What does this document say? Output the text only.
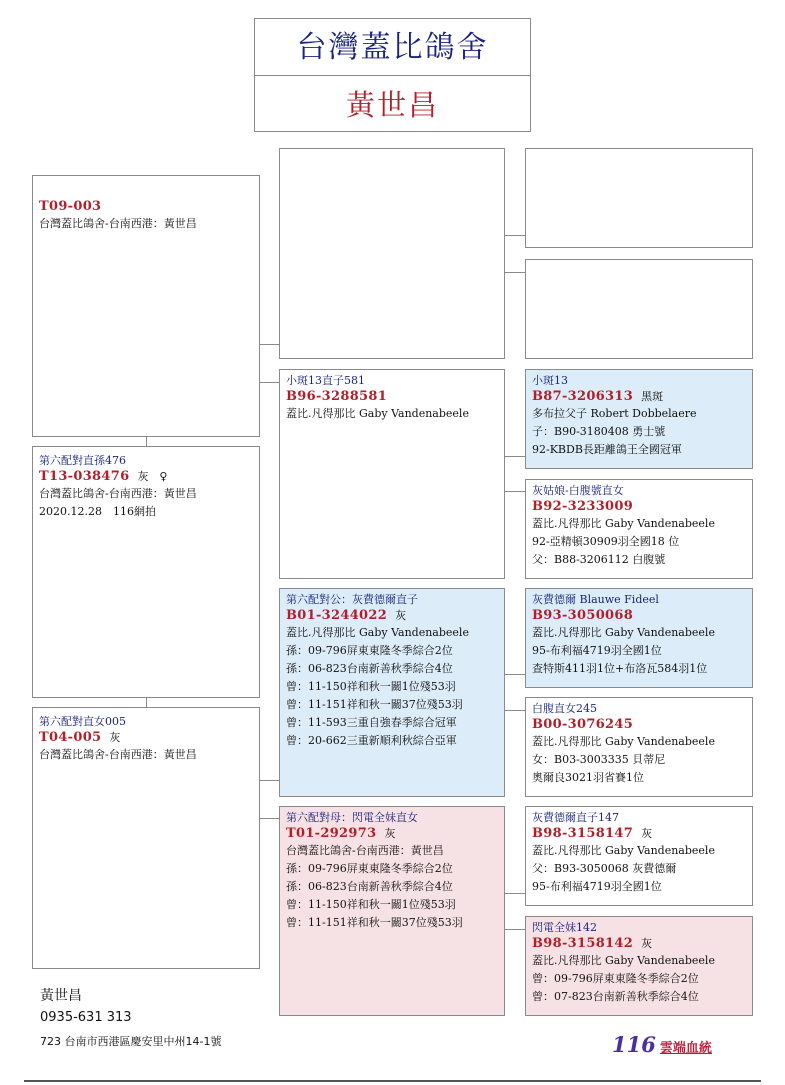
台灣蓋比鴿舍
黃世昌
T09-003
台灣蓋比鴿舍-台南西港：黃世昌
第六配對直孫476
T13-038476 灰　♀
台灣蓋比鴿舍-台南西港：黃世昌
2020.12.28　116網拍
第六配對直女005
T04-005 灰
台灣蓋比鴿舍-台南西港：黃世昌
小斑13直子581
B96-3288581
蓋比.凡得那比 Gaby Vandenabeele
第六配對公：灰費德爾直子
B01-3244022 灰
蓋比.凡得那比 Gaby Vandenabeele
孫：09-796屏東東隆冬季綜合2位
孫：06-823台南新善秋季綜合4位
曾：11-150祥和秋一關1位殘53羽
曾：11-151祥和秋一關37位殘53羽
曾：11-593三重自強春季綜合冠軍
曾：20-662三重新順利秋綜合亞軍
第六配對母：閃電全妹直女
T01-292973 灰
台灣蓋比鴿舍-台南西港：黃世昌
孫：09-796屏東東隆冬季綜合2位
孫：06-823台南新善秋季綜合4位
曾：11-150祥和秋一關1位殘53羽
曾：11-151祥和秋一關37位殘53羽
小斑13
B87-3206313 黑斑
多布拉父子 Robert Dobbelaere
子：B90-3180408 勇士號
92-KBDB長距離鴿王全國冠軍
灰姑娘-白腹號直女
B92-3233009
蓋比.凡得那比 Gaby Vandenabeele
92-亞精頓30909羽全國18 位
父：B88-3206112 白腹號
灰費德爾 Blauwe Fideel
B93-3050068
蓋比.凡得那比 Gaby Vandenabeele
95-布利福4719羽全國1位
查特斯411羽1位+布洛瓦584羽1位
白腹直女245
B00-3076245
蓋比.凡得那比 Gaby Vandenabeele
女：B03-3003335 貝蒂尼
奧爾良3021羽省賽1位
灰費德爾直子147
B98-3158147 灰
蓋比.凡得那比 Gaby Vandenabeele
父：B93-3050068 灰費德爾
95-布利福4719羽全國1位
閃電全妹142
B98-3158142 灰
蓋比.凡得那比 Gaby Vandenabeele
曾：09-796屏東東隆冬季綜合2位
曾：07-823台南新善秋季綜合4位
黃世昌
0935-631 313
723 台南市西港區慶安里中州14-1號	116 雲端血統
